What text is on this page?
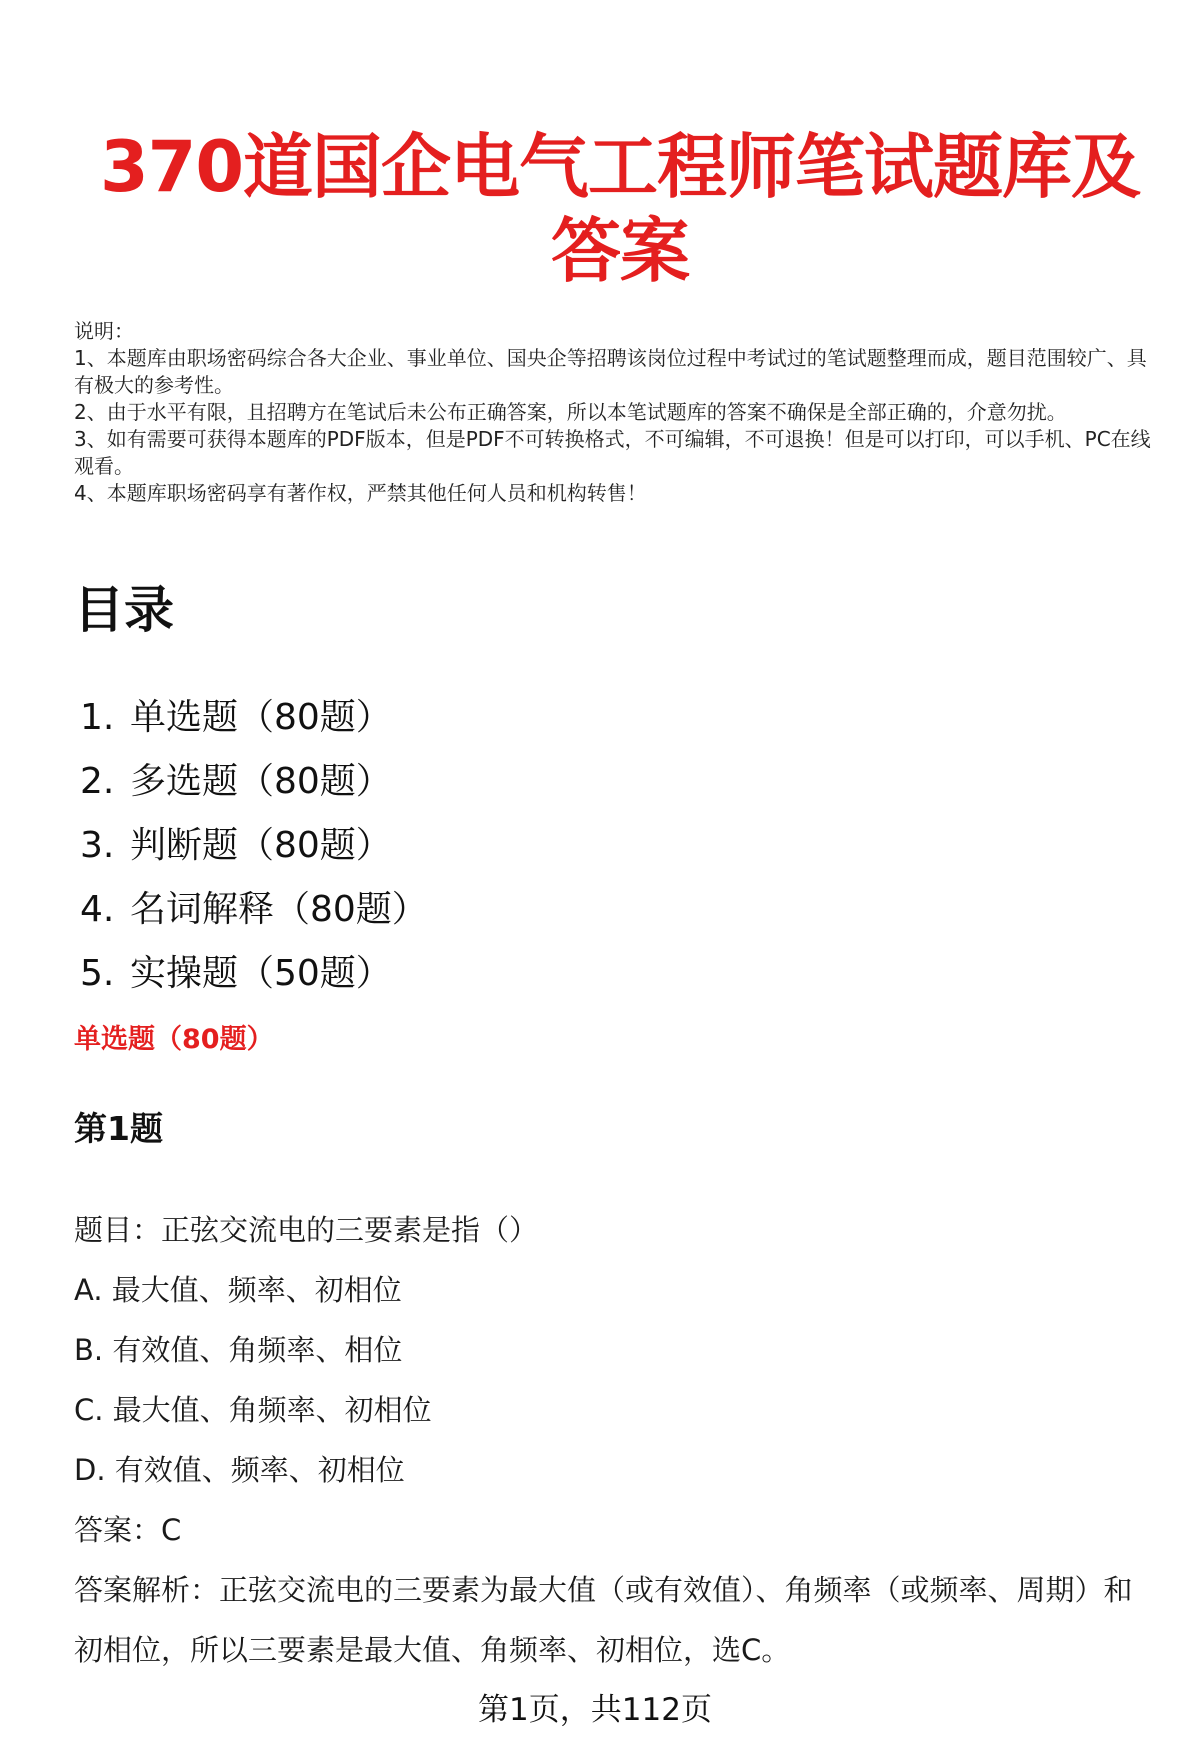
370道国企电气工程师笔试题库及答案

说明：

1、本题库由职场密码综合各大企业、事业单位、国央企等招聘该岗位过程中考试过的笔试题整理而成，题目范围较广、具有极大的参考性。

2、由于水平有限，且招聘方在笔试后未公布正确答案，所以本笔试题库的答案不确保是全部正确的，介意勿扰。

3、如有需要可获得本题库的PDF版本，但是PDF不可转换格式，不可编辑，不可退换！但是可以打印，可以手机、PC在线观看。

4、本题库职场密码享有著作权，严禁其他任何人员和机构转售！

目录
1. 单选题（80题）
2. 多选题（80题）
3. 判断题（80题）
4. 名词解释（80题）
5. 实操题（50题）
单选题（80题）
第1题

题目：正弦交流电的三要素是指（）

A. 最大值、频率、初相位

B. 有效值、角频率、相位

C. 最大值、角频率、初相位

D. 有效值、频率、初相位

答案：C

答案解析：正弦交流电的三要素为最大值（或有效值）、角频率（或频率、周期）和初相位，所以三要素是最大值、角频率、初相位，选C。

第1页，共112页
